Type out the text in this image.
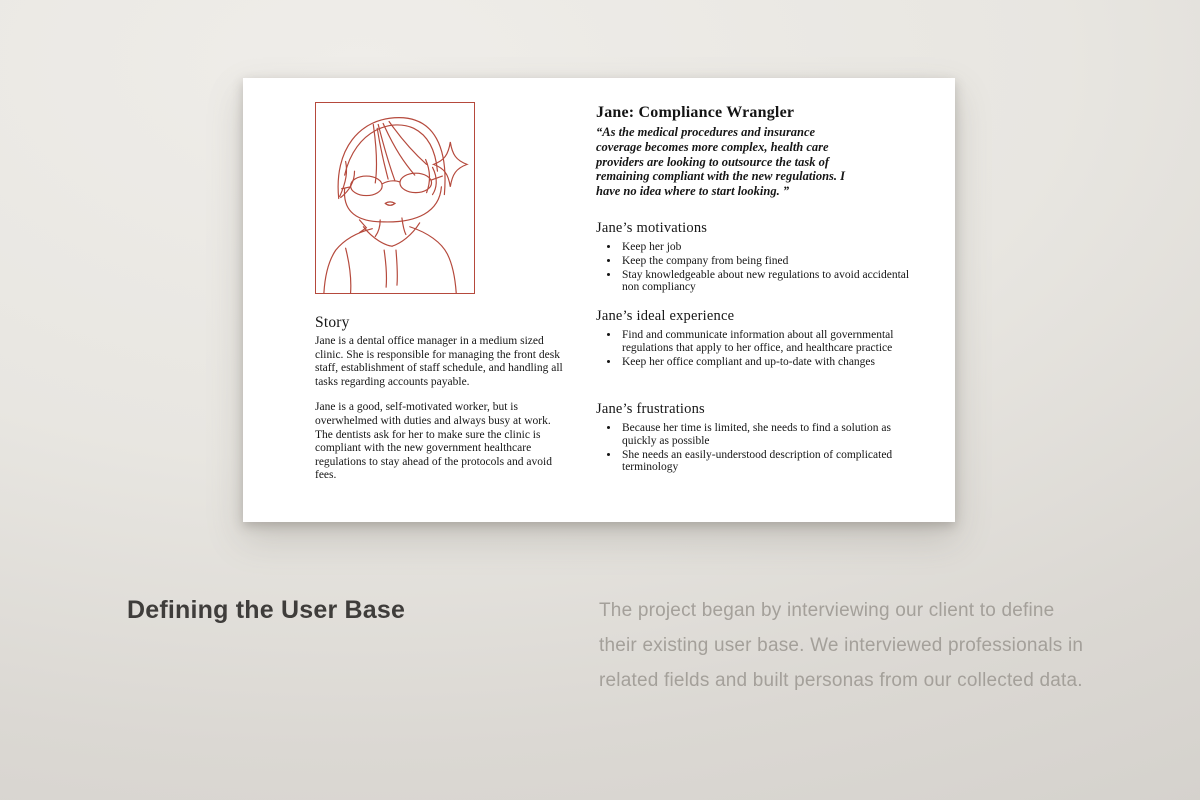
Story

Jane is a dental office manager in a medium sized clinic. She is responsible for managing the front desk staff, establishment of staff schedule, and handling all tasks regarding accounts payable.

Jane is a good, self-motivated worker, but is overwhelmed with duties and always busy at work. The dentists ask for her to make sure the clinic is compliant with the new government healthcare regulations to stay ahead of the protocols and avoid fees.

Jane: Compliance Wrangler

“As the medical procedures and insurance coverage becomes more complex, health care providers are looking to outsource the task of remaining compliant with the new regulations. I have no idea where to start looking. ”

Jane’s motivations
• Keep her job
• Keep the company from being fined
• Stay knowledgeable about new regulations to avoid accidental non compliancy
Jane’s ideal experience
• Find and communicate information about all governmental regulations that apply to her office, and healthcare practice
• Keep her office compliant and up-to-date with changes
Jane’s frustrations
• Because her time is limited, she needs to find a solution as quickly as possible
• She needs an easily-understood description of complicated terminology
Defining the User Base	The project began by interviewing our client to define their existing user base. We interviewed professionals in related fields and built personas from our collected data.
